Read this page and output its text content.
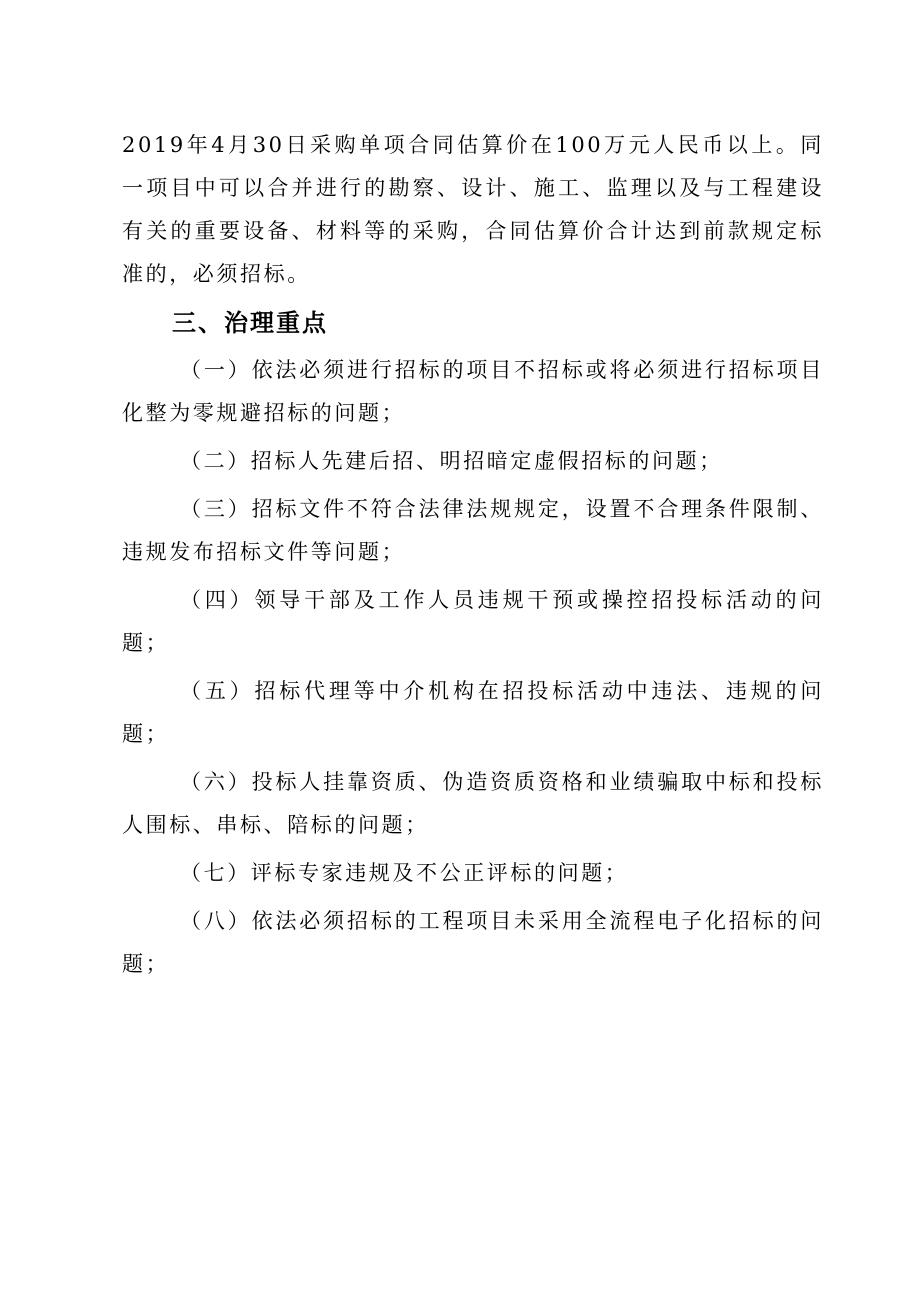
2019年4月30日采购单项合同估算价在100万元人民币以上。同一项目中可以合并进行的勘察、设计、施工、监理以及与工程建设有关的重要设备、材料等的采购，合同估算价合计达到前款规定标准的，必须招标。

三、治理重点

（一）依法必须进行招标的项目不招标或将必须进行招标项目化整为零规避招标的问题；

（二）招标人先建后招、明招暗定虚假招标的问题；

（三）招标文件不符合法律法规规定，设置不合理条件限制、违规发布招标文件等问题；

（四）领导干部及工作人员违规干预或操控招投标活动的问题；

（五）招标代理等中介机构在招投标活动中违法、违规的问题；

（六）投标人挂靠资质、伪造资质资格和业绩骗取中标和投标人围标、串标、陪标的问题；

（七）评标专家违规及不公正评标的问题；

（八）依法必须招标的工程项目未采用全流程电子化招标的问题；
